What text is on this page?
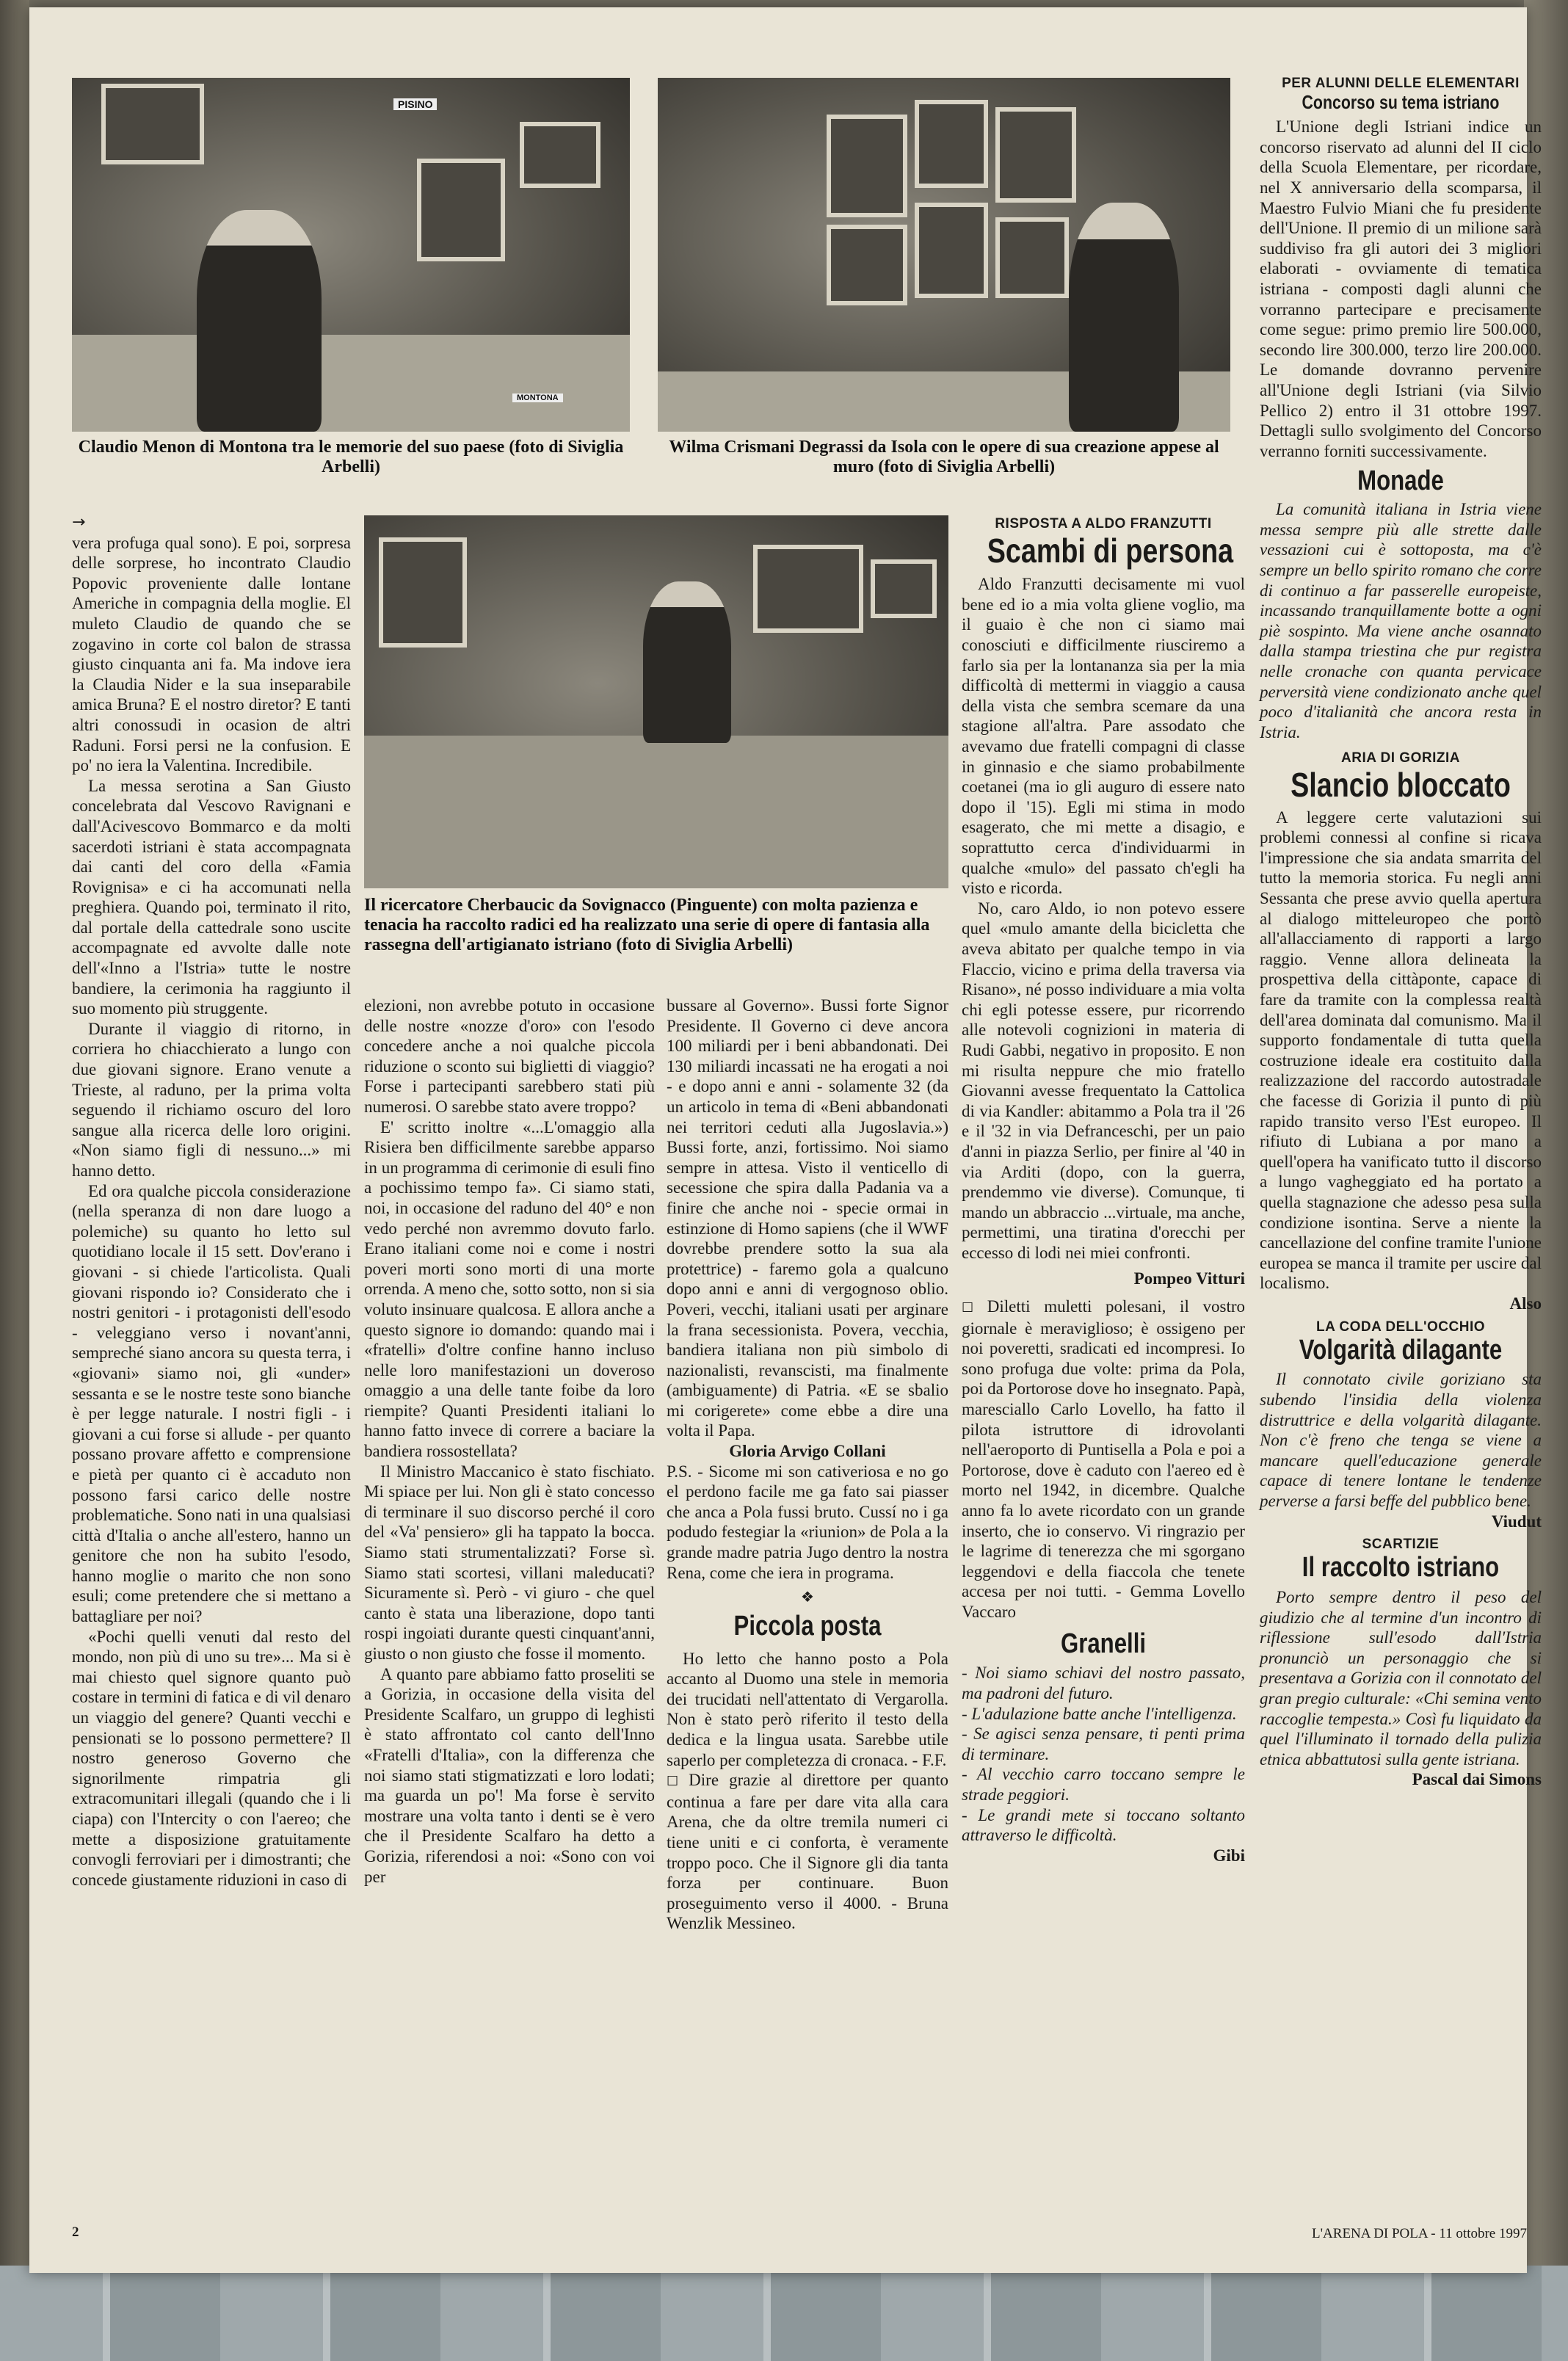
PISINO
MONTONA
Claudio Menon di Montona tra le memorie del suo paese (foto di Siviglia Arbelli)
Wilma Crismani Degrassi da Isola con le opere di sua creazione appese al muro (foto di Siviglia Arbelli)
Il ricercatore Cherbaucic da Sovignacco (Pinguente) con molta pazienza e tenacia ha raccolto radici ed ha realizzato una serie di opere di fantasia alla rassegna dell'artigianato istriano (foto di Siviglia Arbelli)
→

vera profuga qual sono). E poi, sorpresa delle sorprese, ho incontrato Claudio Popovic proveniente dalle lontane Americhe in compagnia della moglie. El muleto Claudio de quando che se zogavino in corte col balon de strassa giusto cinquanta ani fa. Ma indove iera la Claudia Nider e la sua inseparabile amica Bruna? E el nostro diretor? E tanti altri conossudi in ocasion de altri Raduni. Forsi persi ne la confusion. E po' no iera la Valentina. Incredibile.

La messa serotina a San Giusto concelebrata dal Vescovo Ravignani e dall'Acivescovo Bommarco e da molti sacerdoti istriani è stata accompagnata dai canti del coro della «Famia Rovignisa» e ci ha accomunati nella preghiera. Quando poi, terminato il rito, dal portale della cattedrale sono uscite accompagnate ed avvolte dalle note dell'«Inno a l'Istria» tutte le nostre bandiere, la cerimonia ha raggiunto il suo momento più struggente.

Durante il viaggio di ritorno, in corriera ho chiacchierato a lungo con due giovani signore. Erano venute a Trieste, al raduno, per la prima volta seguendo il richiamo oscuro del loro sangue alla ricerca delle loro origini. «Non siamo figli di nessuno...» mi hanno detto.

Ed ora qualche piccola considerazione (nella speranza di non dare luogo a polemiche) su quanto ho letto sul quotidiano locale il 15 sett. Dov'erano i giovani - si chiede l'articolista. Quali giovani rispondo io? Considerato che i nostri genitori - i protagonisti dell'esodo - veleggiano verso i novant'anni, sempreché siano ancora su questa terra, i «giovani» siamo noi, gli «under» sessanta e se le nostre teste sono bianche è per legge naturale. I nostri figli - i giovani a cui forse si allude - per quanto possano provare affetto e comprensione e pietà per quanto ci è accaduto non possono farsi carico delle nostre problematiche. Sono nati in una qualsiasi città d'Italia o anche all'estero, hanno un genitore che non ha subito l'esodo, hanno moglie o marito che non sono esuli; come pretendere che si mettano a battagliare per noi?

«Pochi quelli venuti dal resto del mondo, non più di uno su tre»... Ma si è mai chiesto quel signore quanto può costare in termini di fatica e di vil denaro un viaggio del genere? Quanti vecchi e pensionati se lo possono permettere? Il nostro generoso Governo che signorilmente rimpatria gli extracomunitari illegali (quando che i li ciapa) con l'Intercity o con l'aereo; che mette a disposizione gratuitamente convogli ferroviari per i dimostranti; che concede giustamente riduzioni in caso di

elezioni, non avrebbe potuto in occasione delle nostre «nozze d'oro» con l'esodo concedere anche a noi qualche piccola riduzione o sconto sui biglietti di viaggio? Forse i partecipanti sarebbero stati più numerosi. O sarebbe stato avere troppo?

E' scritto inoltre «...L'omaggio alla Risiera ben difficilmente sarebbe apparso in un programma di cerimonie di esuli fino a pochissimo tempo fa». Ci siamo stati, noi, in occasione del raduno del 40° e non vedo perché non avremmo dovuto farlo. Erano italiani come noi e come i nostri poveri morti sono morti di una morte orrenda. A meno che, sotto sotto, non si sia voluto insinuare qualcosa. E allora anche a questo signore io domando: quando mai i «fratelli» d'oltre confine hanno incluso nelle loro manifestazioni un doveroso omaggio a una delle tante foibe da loro riempite? Quanti Presidenti italiani lo hanno fatto invece di correre a baciare la bandiera rossostellata?

Il Ministro Maccanico è stato fischiato. Mi spiace per lui. Non gli è stato concesso di terminare il suo discorso perché il coro del «Va' pensiero» gli ha tappato la bocca. Siamo stati strumentalizzati? Forse sì. Siamo stati scortesi, villani maleducati? Sicuramente sì. Però - vi giuro - che quel canto è stata una liberazione, dopo tanti rospi ingoiati durante questi cinquant'anni, giusto o non giusto che fosse il momento.

A quanto pare abbiamo fatto proseliti se a Gorizia, in occasione della visita del Presidente Scalfaro, un gruppo di leghisti è stato affrontato col canto dell'Inno «Fratelli d'Italia», con la differenza che noi siamo stati stigmatizzati e loro lodati; ma guarda un po'! Ma forse è servito mostrare una volta tanto i denti se è vero che il Presidente Scalfaro ha detto a Gorizia, riferendosi a noi: «Sono con voi per

bussare al Governo». Bussi forte Signor Presidente. Il Governo ci deve ancora 100 miliardi per i beni abbandonati. Dei 130 miliardi incassati ne ha erogati a noi - e dopo anni e anni - solamente 32 (da un articolo in tema di «Beni abbandonati nei territori ceduti alla Jugoslavia.») Bussi forte, anzi, fortissimo. Noi siamo sempre in attesa. Visto il venticello di secessione che spira dalla Padania va a finire che anche noi - specie ormai in estinzione di Homo sapiens (che il WWF dovrebbe prendere sotto la sua ala protettrice) - faremo gola a qualcuno dopo anni e anni di vergognoso oblio. Poveri, vecchi, italiani usati per arginare la frana secessionista. Povera, vecchia, bandiera italiana non più simbolo di nazionalisti, revanscisti, ma finalmente (ambiguamente) di Patria. «E se sbalio mi corigerete» come ebbe a dire una volta il Papa.

Gloria Arvigo Collani

P.S. - Sicome mi son cativeriosa e no go el perdono facile me ga fato sai piasser che anca a Pola fussi bruto. Cussí no i ga podudo festegiar la «riunion» de Pola a la grande madre patria Jugo dentro la nostra Rena, come che iera in programa.

❖
Piccola posta

Ho letto che hanno posto a Pola accanto al Duomo una stele in memoria dei trucidati nell'attentato di Vergarolla. Non è stato però riferito il testo della dedica e la lingua usata. Sarebbe utile saperlo per completezza di cronaca. - F.F.

☐ Dire grazie al direttore per quanto continua a fare per dare vita alla cara Arena, che da oltre tremila numeri ci tiene uniti e ci conforta, è veramente troppo poco. Che il Signore gli dia tanta forza per continuare. Buon proseguimento verso il 4000. - Bruna Wenzlik Messineo.

RISPOSTA A ALDO FRANZUTTI
Scambi di persona

Aldo Franzutti decisamente mi vuol bene ed io a mia volta gliene voglio, ma il guaio è che non ci siamo mai conosciuti e difficilmente riusciremo a farlo sia per la lontananza sia per la mia difficoltà di mettermi in viaggio a causa della vista che sembra scemare da una stagione all'altra. Pare assodato che avevamo due fratelli compagni di classe in ginnasio e che siamo probabilmente coetanei (ma io gli auguro di essere nato dopo il '15). Egli mi stima in modo esagerato, che mi mette a disagio, e soprattutto cerca d'individuarmi in qualche «mulo» del passato ch'egli ha visto e ricorda.

No, caro Aldo, io non potevo essere quel «mulo amante della bicicletta che aveva abitato per qualche tempo in via Flaccio, vicino e prima della traversa via Risano», né posso individuare a mia volta chi egli potesse essere, pur ricorrendo alle notevoli cognizioni in materia di Rudi Gabbi, negativo in proposito. E non mi risulta neppure che mio fratello Giovanni avesse frequentato la Cattolica di via Kandler: abitammo a Pola tra il '26 e il '32 in via Defranceschi, per un paio d'anni in piazza Serlio, per finire al '40 in via Arditi (dopo, con la guerra, prendemmo vie diverse). Comunque, ti mando un abbraccio ...virtuale, ma anche, permettimi, una tiratina d'orecchi per eccesso di lodi nei miei confronti.

Pompeo Vitturi

☐ Diletti muletti polesani, il vostro giornale è meraviglioso; è ossigeno per noi poveretti, sradicati ed incompresi. Io sono profuga due volte: prima da Pola, poi da Portorose dove ho insegnato. Papà, maresciallo Carlo Lovello, ha fatto il pilota istruttore di idrovolanti nell'aeroporto di Puntisella a Pola e poi a Portorose, dove è caduto con l'aereo ed è morto nel 1942, in dicembre. Qualche anno fa lo avete ricordato con un grande inserto, che io conservo. Vi ringrazio per le lagrime di tenerezza che mi sgorgano leggendovi e della fiaccola che tenete accesa per noi tutti. - Gemma Lovello Vaccaro

Granelli

- Noi siamo schiavi del nostro passato, ma padroni del futuro.

- L'adulazione batte anche l'intelligenza.

- Se agisci senza pensare, ti penti prima di terminare.

- Al vecchio carro toccano sempre le strade peggiori.

- Le grandi mete si toccano soltanto attraverso le difficoltà.

Gibi

PER ALUNNI DELLE ELEMENTARI
Concorso su tema istriano

L'Unione degli Istriani indice un concorso riservato ad alunni del II ciclo della Scuola Elementare, per ricordare, nel X anniversario della scomparsa, il Maestro Fulvio Miani che fu presidente dell'Unione. Il premio di un milione sarà suddiviso fra gli autori dei 3 migliori elaborati - ovviamente di tematica istriana - composti dagli alunni che vorranno partecipare e precisamente come segue: primo premio lire 500.000, secondo lire 300.000, terzo lire 200.000. Le domande dovranno pervenire all'Unione degli Istriani (via Silvio Pellico 2) entro il 31 ottobre 1997. Dettagli sullo svolgimento del Concorso verranno forniti successivamente.

Monade

La comunità italiana in Istria viene messa sempre più alle strette dalle vessazioni cui è sottoposta, ma c'è sempre un bello spirito romano che corre di continuo a far passerelle europeiste, incassando tranquillamente botte a ogni piè sospinto. Ma viene anche osannato dalla stampa triestina che pur registra nelle cronache con quanta pervicace perversità viene condizionato anche quel poco d'italianità che ancora resta in Istria.

ARIA DI GORIZIA
Slancio bloccato

A leggere certe valutazioni sui problemi connessi al confine si ricava l'impressione che sia andata smarrita del tutto la memoria storica. Fu negli anni Sessanta che prese avvio quella apertura al dialogo mitteleuropeo che portò all'allacciamento di rapporti a largo raggio. Venne allora delineata la prospettiva della cittàponte, capace di fare da tramite con la complessa realtà dell'area dominata dal comunismo. Ma il supporto fondamentale di tutta quella costruzione ideale era costituito dalla realizzazione del raccordo autostradale che facesse di Gorizia il punto di più rapido transito verso l'Est europeo. Il rifiuto di Lubiana a por mano a quell'opera ha vanificato tutto il discorso a lungo vagheggiato ed ha portato a quella stagnazione che adesso pesa sulla condizione isontina. Serve a niente la cancellazione del confine tramite l'unione europea se manca il tramite per uscire dal localismo.

Also

LA CODA DELL'OCCHIO
Volgarità dilagante

Il connotato civile goriziano sta subendo l'insidia della violenza distruttrice e della volgarità dilagante. Non c'è freno che tenga se viene a mancare quell'educazione generale capace di tenere lontane le tendenze perverse a farsi beffe del pubblico bene.

Viudut

SCARTIZIE
Il raccolto istriano

Porto sempre dentro il peso del giudizio che al termine d'un incontro di riflessione sull'esodo dall'Istria pronunciò un personaggio che si presentava a Gorizia con il connotato del gran pregio culturale: «Chi semina vento raccoglie tempesta.» Così fu liquidato da quel l'illuminato il tornado della pulizia etnica abbattutosi sulla gente istriana.

Pascal dai Simons

2	L'ARENA DI POLA - 11 ottobre 1997
